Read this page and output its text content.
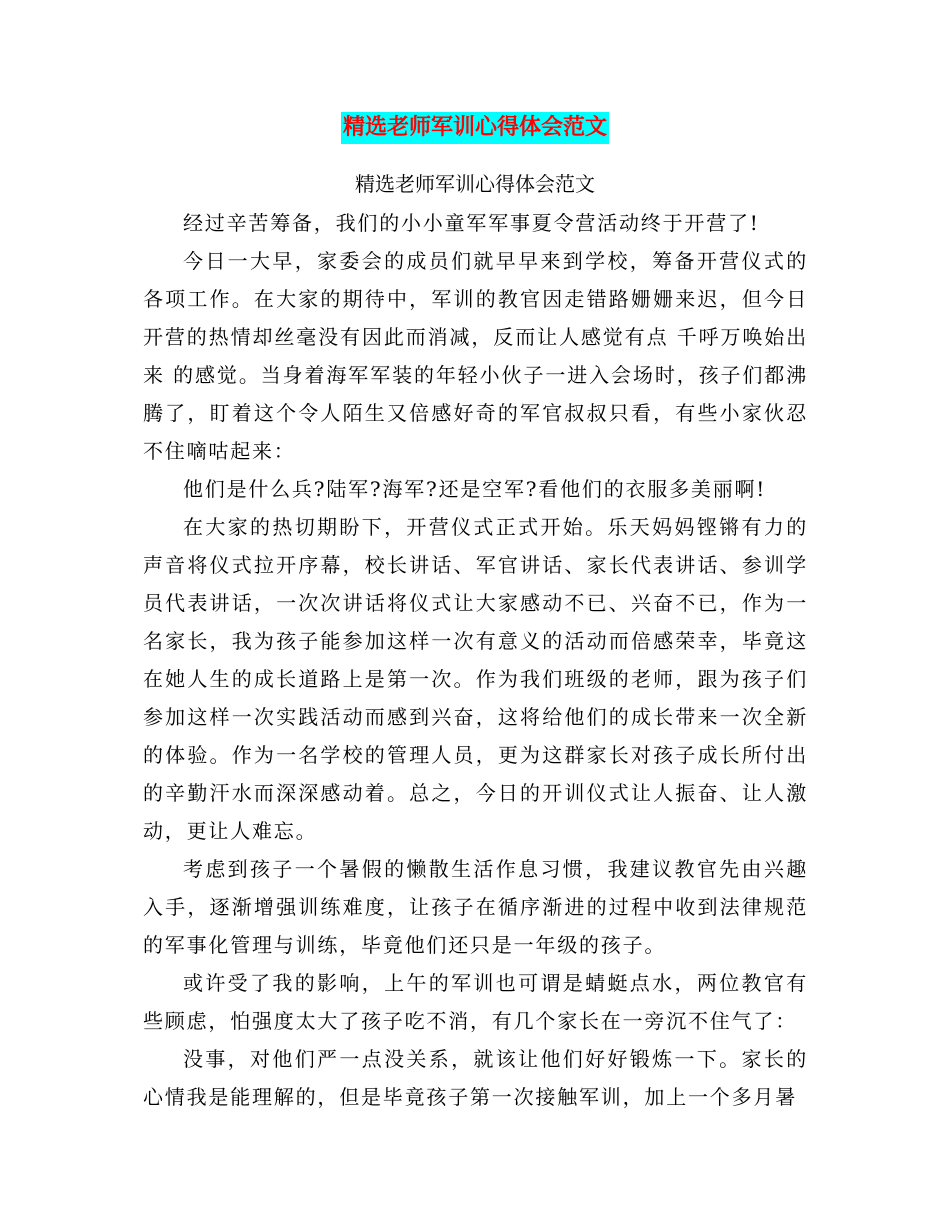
精选老师军训心得体会范文
精选老师军训心得体会范文

经过辛苦筹备，我们的小小童军军事夏令营活动终于开营了!

今日一大早，家委会的成员们就早早来到学校，筹备开营仪式的各项工作。在大家的期待中，军训的教官因走错路姗姗来迟，但今日开营的热情却丝毫没有因此而消减，反而让人感觉有点 千呼万唤始出来 的感觉。当身着海军军装的年轻小伙子一进入会场时，孩子们都沸腾了，盯着这个令人陌生又倍感好奇的军官叔叔只看，有些小家伙忍不住嘀咕起来：

他们是什么兵?陆军?海军?还是空军?看他们的衣服多美丽啊!

在大家的热切期盼下，开营仪式正式开始。乐天妈妈铿锵有力的声音将仪式拉开序幕，校长讲话、军官讲话、家长代表讲话、参训学员代表讲话，一次次讲话将仪式让大家感动不已、兴奋不已，作为一名家长，我为孩子能参加这样一次有意义的活动而倍感荣幸，毕竟这在她人生的成长道路上是第一次。作为我们班级的老师，跟为孩子们参加这样一次实践活动而感到兴奋，这将给他们的成长带来一次全新的体验。作为一名学校的管理人员，更为这群家长对孩子成长所付出的辛勤汗水而深深感动着。总之，今日的开训仪式让人振奋、让人激动，更让人难忘。

考虑到孩子一个暑假的懒散生活作息习惯，我建议教官先由兴趣入手，逐渐增强训练难度，让孩子在循序渐进的过程中收到法律规范的军事化管理与训练，毕竟他们还只是一年级的孩子。

或许受了我的影响，上午的军训也可谓是蜻蜓点水，两位教官有些顾虑，怕强度太大了孩子吃不消，有几个家长在一旁沉不住气了：

没事，对他们严一点没关系，就该让他们好好锻炼一下。家长的心情我是能理解的，但是毕竟孩子第一次接触军训，加上一个多月暑
